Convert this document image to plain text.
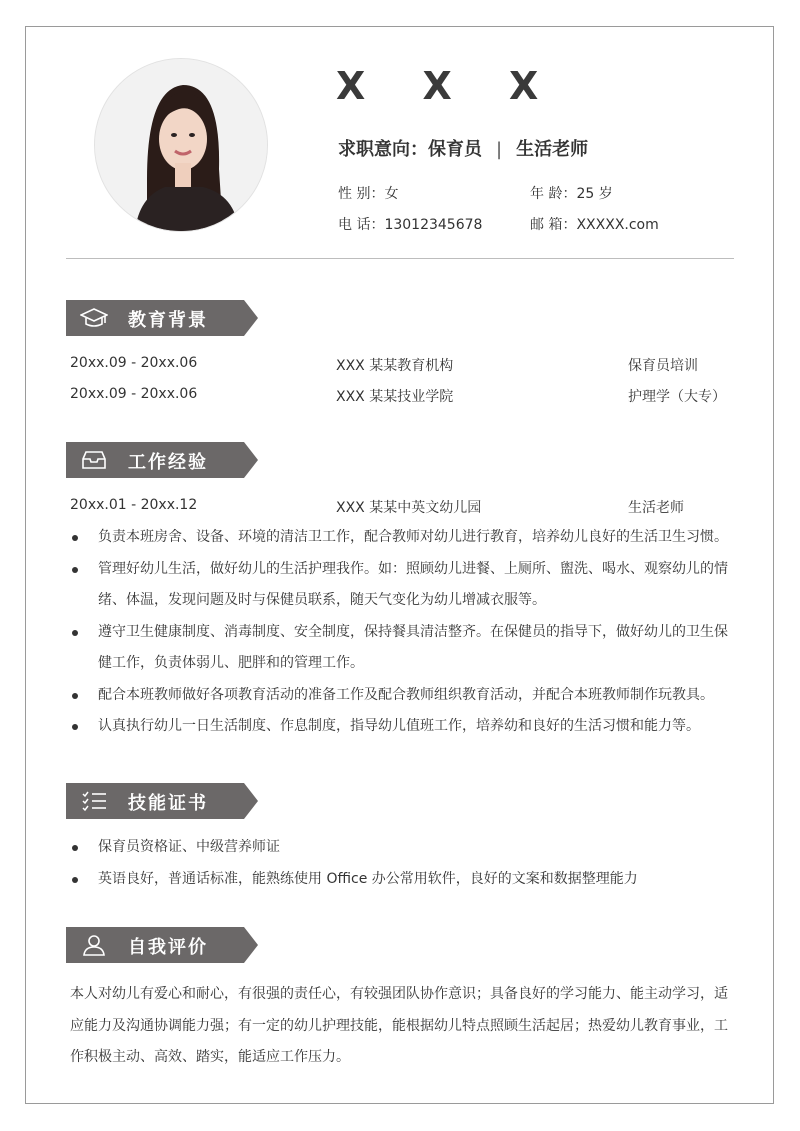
X X X
求职意向：保育员 | 生活老师
性 别：女	年 龄：25 岁
电 话：13012345678	邮 箱：XXXXX.com
教育背景
20xx.09 - 20xx.06	XXX 某某教育机构	保育员培训
20xx.09 - 20xx.06	XXX 某某技业学院	护理学（大专）
工作经验
20xx.01 - 20xx.12	XXX 某某中英文幼儿园	生活老师
负责本班房舍、设备、环境的清洁卫工作，配合教师对幼儿进行教育，培养幼儿良好的生活卫生习惯。
管理好幼儿生活，做好幼儿的生活护理我作。如：照顾幼儿进餐、上厕所、盥洗、喝水、观察幼儿的情绪、体温，发现问题及时与保健员联系，随天气变化为幼儿增减衣服等。
遵守卫生健康制度、消毒制度、安全制度，保持餐具清洁整齐。在保健员的指导下，做好幼儿的卫生保健工作，负责体弱儿、肥胖和的管理工作。
配合本班教师做好各项教育活动的准备工作及配合教师组织教育活动，并配合本班教师制作玩教具。
认真执行幼儿一日生活制度、作息制度，指导幼儿值班工作，培养幼和良好的生活习惯和能力等。
技能证书
保育员资格证、中级营养师证
英语良好，普通话标准，能熟练使用 Office 办公常用软件，良好的文案和数据整理能力
自我评价

本人对幼儿有爱心和耐心，有很强的责任心，有较强团队协作意识；具备良好的学习能力、能主动学习，适应能力及沟通协调能力强；有一定的幼儿护理技能，能根据幼儿特点照顾生活起居；热爱幼儿教育事业，工作积极主动、高效、踏实，能适应工作压力。
